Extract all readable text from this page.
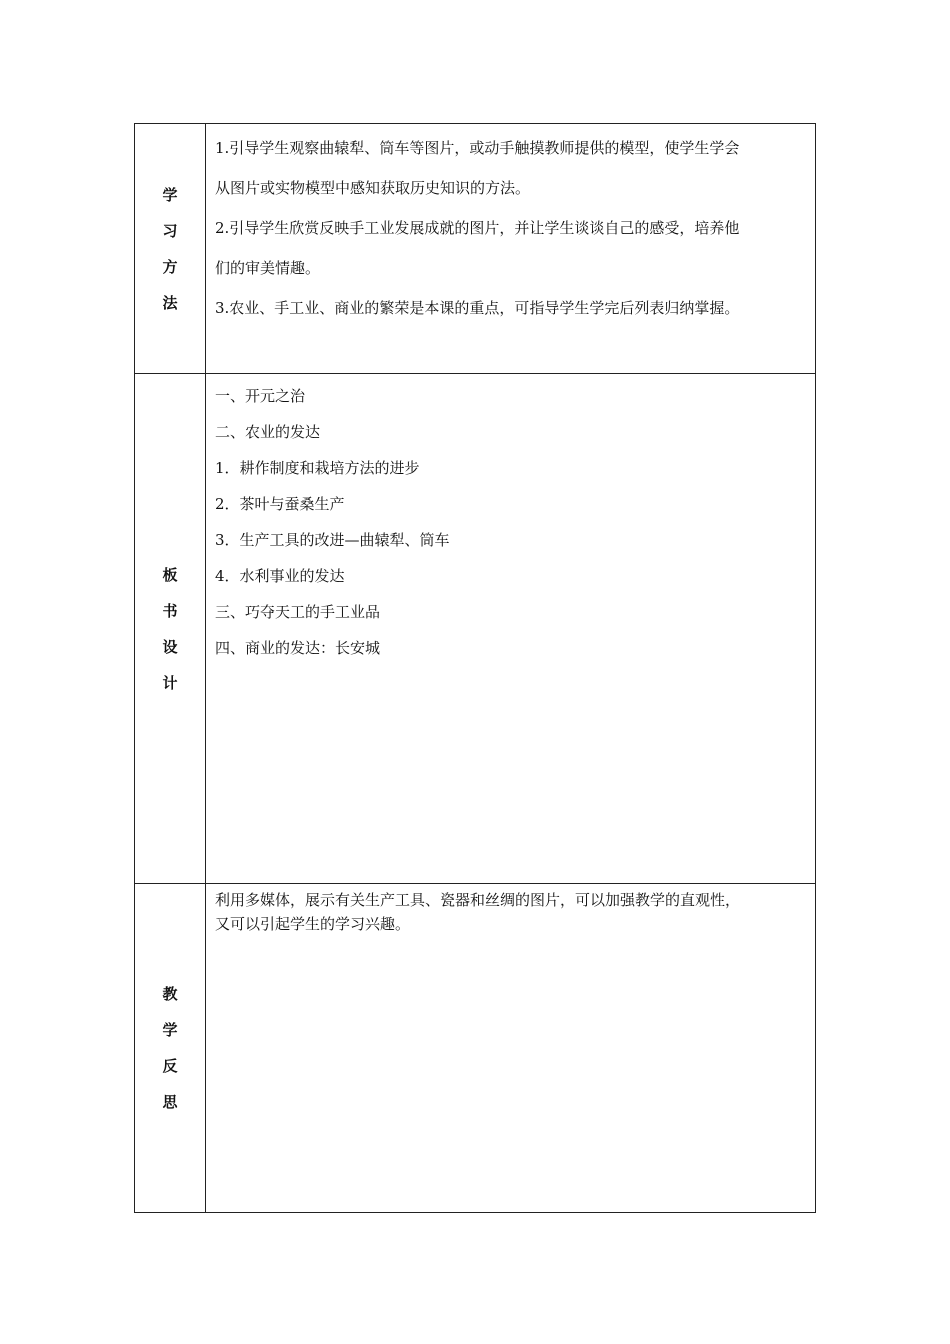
学
习
方
法

1.引导学生观察曲辕犁、筒车等图片，或动手触摸教师提供的模型，使学生学会

从图片或实物模型中感知获取历史知识的方法。

2.引导学生欣赏反映手工业发展成就的图片，并让学生谈谈自己的感受，培养他

们的审美情趣。

3.农业、手工业、商业的繁荣是本课的重点，可指导学生学完后列表归纳掌握。

板
书
设
计

一、开元之治

二、农业的发达

1．耕作制度和栽培方法的进步

2．茶叶与蚕桑生产

3．生产工具的改进—曲辕犁、筒车

4．水利事业的发达

三、巧夺天工的手工业品

四、商业的发达：长安城

教
学
反
思

利用多媒体，展示有关生产工具、瓷器和丝绸的图片，可以加强教学的直观性，

又可以引起学生的学习兴趣。
